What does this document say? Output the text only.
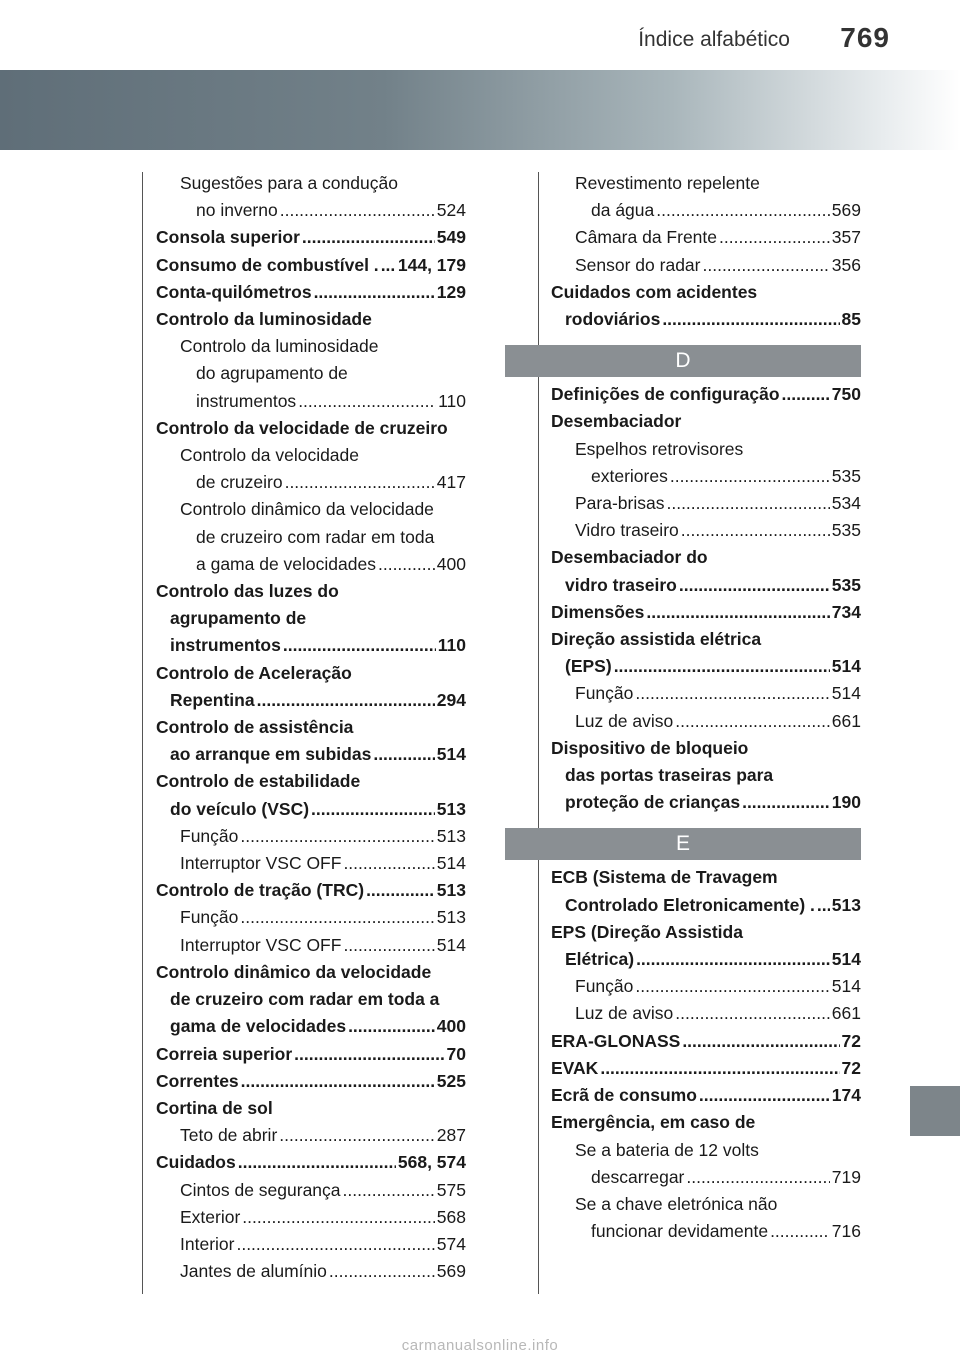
Índice alfabético 769
Sugestões para a condução
no inverno .....	524
Consola superior .....	549
Consumo de combustível . ..... 144, 179
Conta-quilómetros .....	129
Controlo da luminosidade
Controlo da luminosidade
do agrupamento de
instrumentos .....	110
Controlo da velocidade de cruzeiro
Controlo da velocidade
de cruzeiro .....	417
Controlo dinâmico da velocidade
de cruzeiro com radar em toda
a gama de velocidades .....	400
Controlo das luzes do
agrupamento de
instrumentos .....	110
Controlo de Aceleração
Repentina .....	294
Controlo de assistência
ao arranque em subidas .....	514
Controlo de estabilidade
do veículo (VSC) .....	513
Função .....	513
Interruptor VSC OFF .....	514
Controlo de tração (TRC) .....	513
Função .....	513
Interruptor VSC OFF .....	514
Controlo dinâmico da velocidade
de cruzeiro com radar em toda a
gama de velocidades .....	400
Correia superior .....	70
Correntes .....	525
Cortina de sol
Teto de abrir .....	287
Cuidados .....	568, 574
Cintos de segurança .....	575
Exterior .....	568
Interior .....	574
Jantes de alumínio .....	569
Revestimento repelente
da água .....	569
Câmara da Frente .....	357
Sensor do radar .....	356
Cuidados com acidentes
rodoviários .....	85
D
Definições de configuração .....	750
Desembaciador
Espelhos retrovisores
exteriores .....	535
Para-brisas .....	534
Vidro traseiro .....	535
Desembaciador do
vidro traseiro .....	535
Dimensões .....	734
Direção assistida elétrica
(EPS) .....	514
Função .....	514
Luz de aviso .....	661
Dispositivo de bloqueio
das portas traseiras para
proteção de crianças .....	190
E
ECB (Sistema de Travagem
Controlado Eletronicamente) . ..... 513
EPS (Direção Assistida
Elétrica) .....	514
Função .....	514
Luz de aviso .....	661
ERA-GLONASS .....	72
EVAK .....	72
Ecrã de consumo .....	174
Emergência, em caso de
Se a bateria de 12 volts
descarregar .....	719
Se a chave eletrónica não
funcionar devidamente .....	716
carmanualsonline.info
